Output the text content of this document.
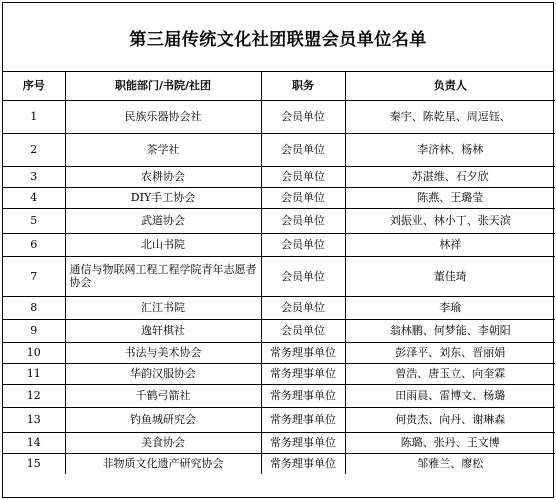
第三届传统文化社团联盟会员单位名单
序号	职能部门/书院/社团	职务	负责人
1	民族乐器协会社	会员单位	秦宇、陈乾星、周逗钰、
2	茶学社	会员单位	李济林、杨林
3	农耕协会	会员单位	苏湛维、石夕欣
4	DIY手工协会	会员单位	陈燕、王璐莹
5	武道协会	会员单位	刘振业、林小丁、张天滨
6	北山书院	会员单位	林祥
7	通信与物联网工程工程学院青年志愿者协会	会员单位	董佳琦
8	汇江书院	会员单位	李瑜
9	逸轩棋社	会员单位	翁林鹏、何梦能、李朝阳
10	书法与美术协会	常务理事单位	彭泽平、刘东、晋丽娟
11	华韵汉服协会	常务理事单位	曾浩、唐玉立、向奎霖
12	千鹤弓箭社	常务理事单位	田雨晨、雷博文、杨璐
13	钓鱼城研究会	常务理事单位	何贵杰、向丹、谢琳森
14	美食协会	常务理事单位	陈璐、张丹、王文博
15	非物质文化遗产研究协会	常务理事单位	邹雅兰、廖松
